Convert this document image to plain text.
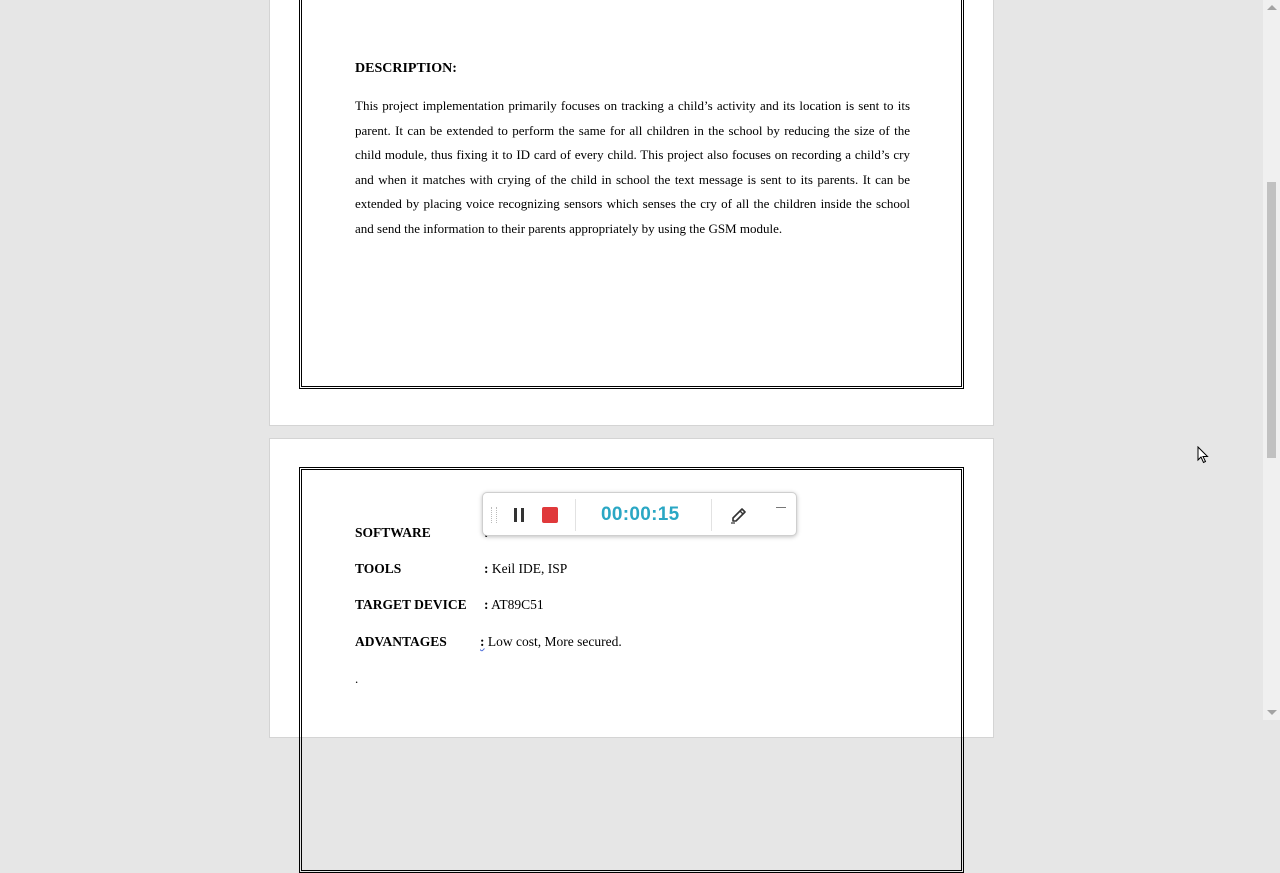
DESCRIPTION:
This project implementation primarily focuses on tracking a child’s activity and its location is sent to its parent. It can be extended to perform the same for all children in the school by reducing the size of the child module, thus fixing it to ID card of every child. This project also focuses on recording a child’s cry and when it matches with crying of the child in school the text message is sent to its parents. It can be extended by placing voice recognizing sensors which senses the cry of all the children inside the school and send the information to their parents appropriately by using the GSM module.
SOFTWARE
TOOLS	: Keil IDE, ISP
TARGET DEVICE : AT89C51
ADVANTAGES : Low cost, More secured.
.
00:00:15
